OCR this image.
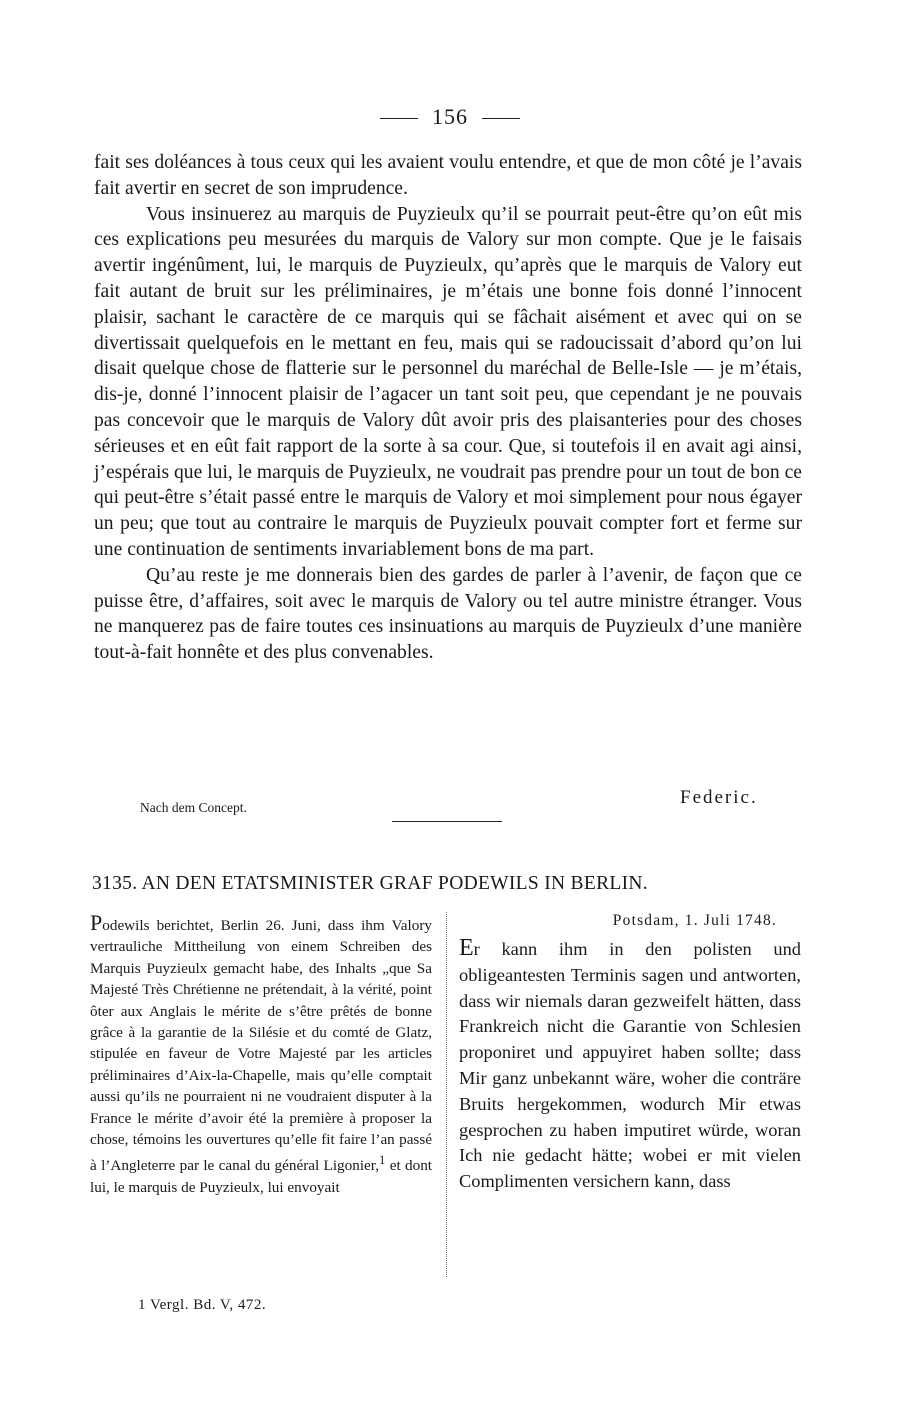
156

fait ses doléances à tous ceux qui les avaient voulu entendre, et que de mon côté je l’avais fait avertir en secret de son imprudence.

Vous insinuerez au marquis de Puyzieulx qu’il se pourrait peut-être qu’on eût mis ces explications peu mesurées du marquis de Valory sur mon compte. Que je le faisais avertir ingénûment, lui, le marquis de Puyzieulx, qu’après que le marquis de Valory eut fait autant de bruit sur les préliminaires, je m’étais une bonne fois donné l’innocent plaisir, sachant le caractère de ce marquis qui se fâchait aisément et avec qui on se divertissait quelquefois en le mettant en feu, mais qui se radoucissait d’abord qu’on lui disait quelque chose de flatterie sur le personnel du maréchal de Belle-Isle — je m’étais, dis-je, donné l’innocent plaisir de l’agacer un tant soit peu, que cependant je ne pouvais pas concevoir que le marquis de Valory dût avoir pris des plaisanteries pour des choses sérieuses et en eût fait rapport de la sorte à sa cour. Que, si toutefois il en avait agi ainsi, j’espérais que lui, le marquis de Puyzieulx, ne voudrait pas prendre pour un tout de bon ce qui peut-être s’était passé entre le marquis de Valory et moi simplement pour nous égayer un peu; que tout au contraire le marquis de Puyzieulx pouvait compter fort et ferme sur une continuation de sentiments invariablement bons de ma part.

Qu’au reste je me donnerais bien des gardes de parler à l’avenir, de façon que ce puisse être, d’affaires, soit avec le marquis de Valory ou tel autre ministre étranger. Vous ne manquerez pas de faire toutes ces insinuations au marquis de Puyzieulx d’une manière tout-à-fait honnête et des plus convenables.

Federic.
Nach dem Concept.
3135. AN DEN ETATSMINISTER GRAF PODEWILS IN BERLIN.

Podewils berichtet, Berlin 26. Juni, dass ihm Valory vertrauliche Mittheilung von einem Schreiben des Marquis Puyzieulx gemacht habe, des Inhalts „que Sa Majesté Très Chrétienne ne prétendait, à la vérité, point ôter aux Anglais le mérite de s’être prêtés de bonne grâce à la garantie de la Silésie et du comté de Glatz, stipulée en faveur de Votre Majesté par les articles préliminaires d’Aix-la-Chapelle, mais qu’elle comptait aussi qu’ils ne pourraient ni ne voudraient disputer à la France le mérite d’avoir été la première à proposer la chose, témoins les ouvertures qu’elle fit faire l’an passé à l’Angleterre par le canal du général Ligonier,$^1$ et dont lui, le marquis de Puyzieulx, lui envoyait

Potsdam, 1. Juli 1748.

Er kann ihm in den polisten und obligeantesten Terminis sagen und antworten, dass wir niemals daran gezweifelt hätten, dass Frankreich nicht die Garantie von Schlesien proponiret und appuyiret haben sollte; dass Mir ganz unbekannt wäre, woher die conträre Bruits hergekommen, wodurch Mir etwas gesprochen zu haben imputiret würde, woran Ich nie gedacht hätte; wobei er mit vielen Complimenten versichern kann, dass

1 Vergl. Bd. V, 472.
